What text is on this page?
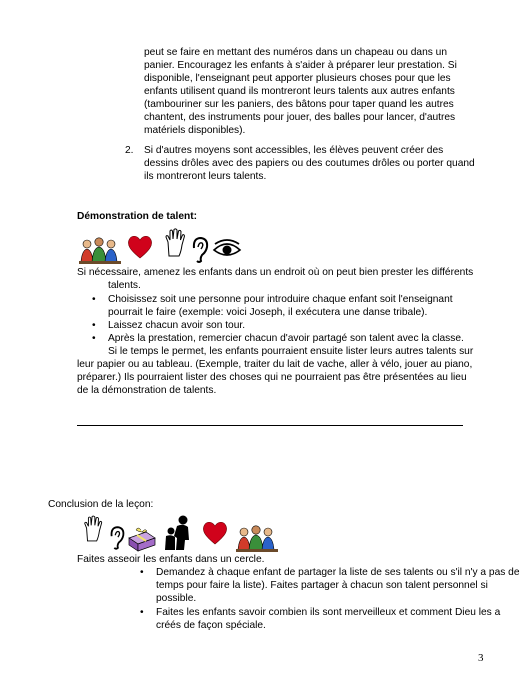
peut se faire en mettant des numéros dans un chapeau ou dans un
panier. Encouragez les enfants à s'aider à préparer leur prestation. Si
disponible, l'enseignant peut apporter plusieurs choses pour que les
enfants utilisent quand ils montreront leurs talents aux autres enfants
(tambouriner sur les paniers, des bâtons pour taper quand les autres
chantent, des instruments pour jouer, des balles pour lancer, d'autres
matériels disponibles).
2. Si d'autres moyens sont accessibles, les élèves peuvent créer des
dessins drôles avec des papiers ou des coutumes drôles ou porter quand
ils montreront leurs talents.
Démonstration de talent:
Si nécessaire, amenez les enfants dans un endroit où on peut bien prester les différents
talents.
• Choisissez soit une personne pour introduire chaque enfant soit l'enseignant
pourrait le faire (exemple: voici Joseph, il exécutera une danse tribale).
• Laissez chacun avoir son tour.
• Après la prestation, remercier chacun d'avoir partagé son talent avec la classe.
Si le temps le permet, les enfants pourraient ensuite lister leurs autres talents sur
leur papier ou au tableau. (Exemple, traiter du lait de vache, aller à vélo, jouer au piano,
préparer.) Ils pourraient lister des choses qui ne pourraient pas être présentées au lieu
de la démonstration de talents.
Conclusion de la leçon:
Faites asseoir les enfants dans un cercle.
• Demandez à chaque enfant de partager la liste de ses talents ou s'il n'y a pas de
temps pour faire la liste). Faites partager à chacun son talent personnel si
possible.
• Faites les enfants savoir combien ils sont merveilleux et comment Dieu les a
créés de façon spéciale.
3
